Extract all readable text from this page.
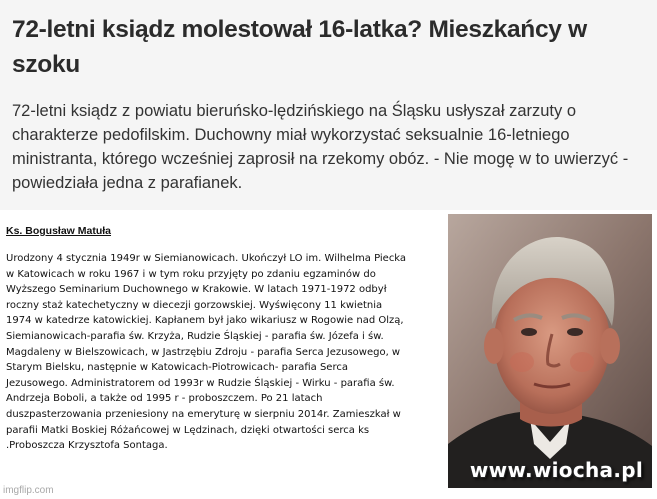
72-letni ksiądz molestował 16-latka? Mieszkańcy w szoku

72-letni ksiądz z powiatu bieruńsko-lędzińskiego na Śląsku usłyszał zarzuty o
charakterze pedofilskim. Duchowny miał wykorzystać seksualnie 16-letniego
ministranta, którego wcześniej zaprosił na rzekomy obóz. - Nie mogę w to uwierzyć -
powiedziała jedna z parafianek.

Ks. Bogusław Matuła

Urodzony 4 stycznia 1949r w Siemianowicach. Ukończył LO im. Wilhelma Piecka
w Katowicach w roku 1967 i w tym roku przyjęty po zdaniu egzaminów do
Wyższego Seminarium Duchownego w Krakowie. W latach 1971-1972 odbył
roczny staż katechetyczny w diecezji gorzowskiej. Wyświęcony 11 kwietnia
1974 w katedrze katowickiej. Kapłanem był jako wikariusz w Rogowie nad Olzą,
Siemianowicach-parafia św. Krzyża, Rudzie Śląskiej - parafia św. Józefa i św.
Magdaleny w Bielszowicach, w Jastrzębiu Zdroju - parafia Serca Jezusowego, w
Starym Bielsku, następnie w Katowicach-Piotrowicach- parafia Serca
Jezusowego. Administratorem od 1993r w Rudzie Śląskiej - Wirku - parafia św.
Andrzeja Boboli, a także od 1995 r - proboszczem. Po 21 latach
duszpasterzowania przeniesiony na emeryturę w sierpniu 2014r. Zamieszkał w
parafii Matki Boskiej Różańcowej w Lędzinach, dzięki otwartości serca ks
.Proboszcza Krzysztofa Sontaga.
www.wiocha.pl
imgflip.com
